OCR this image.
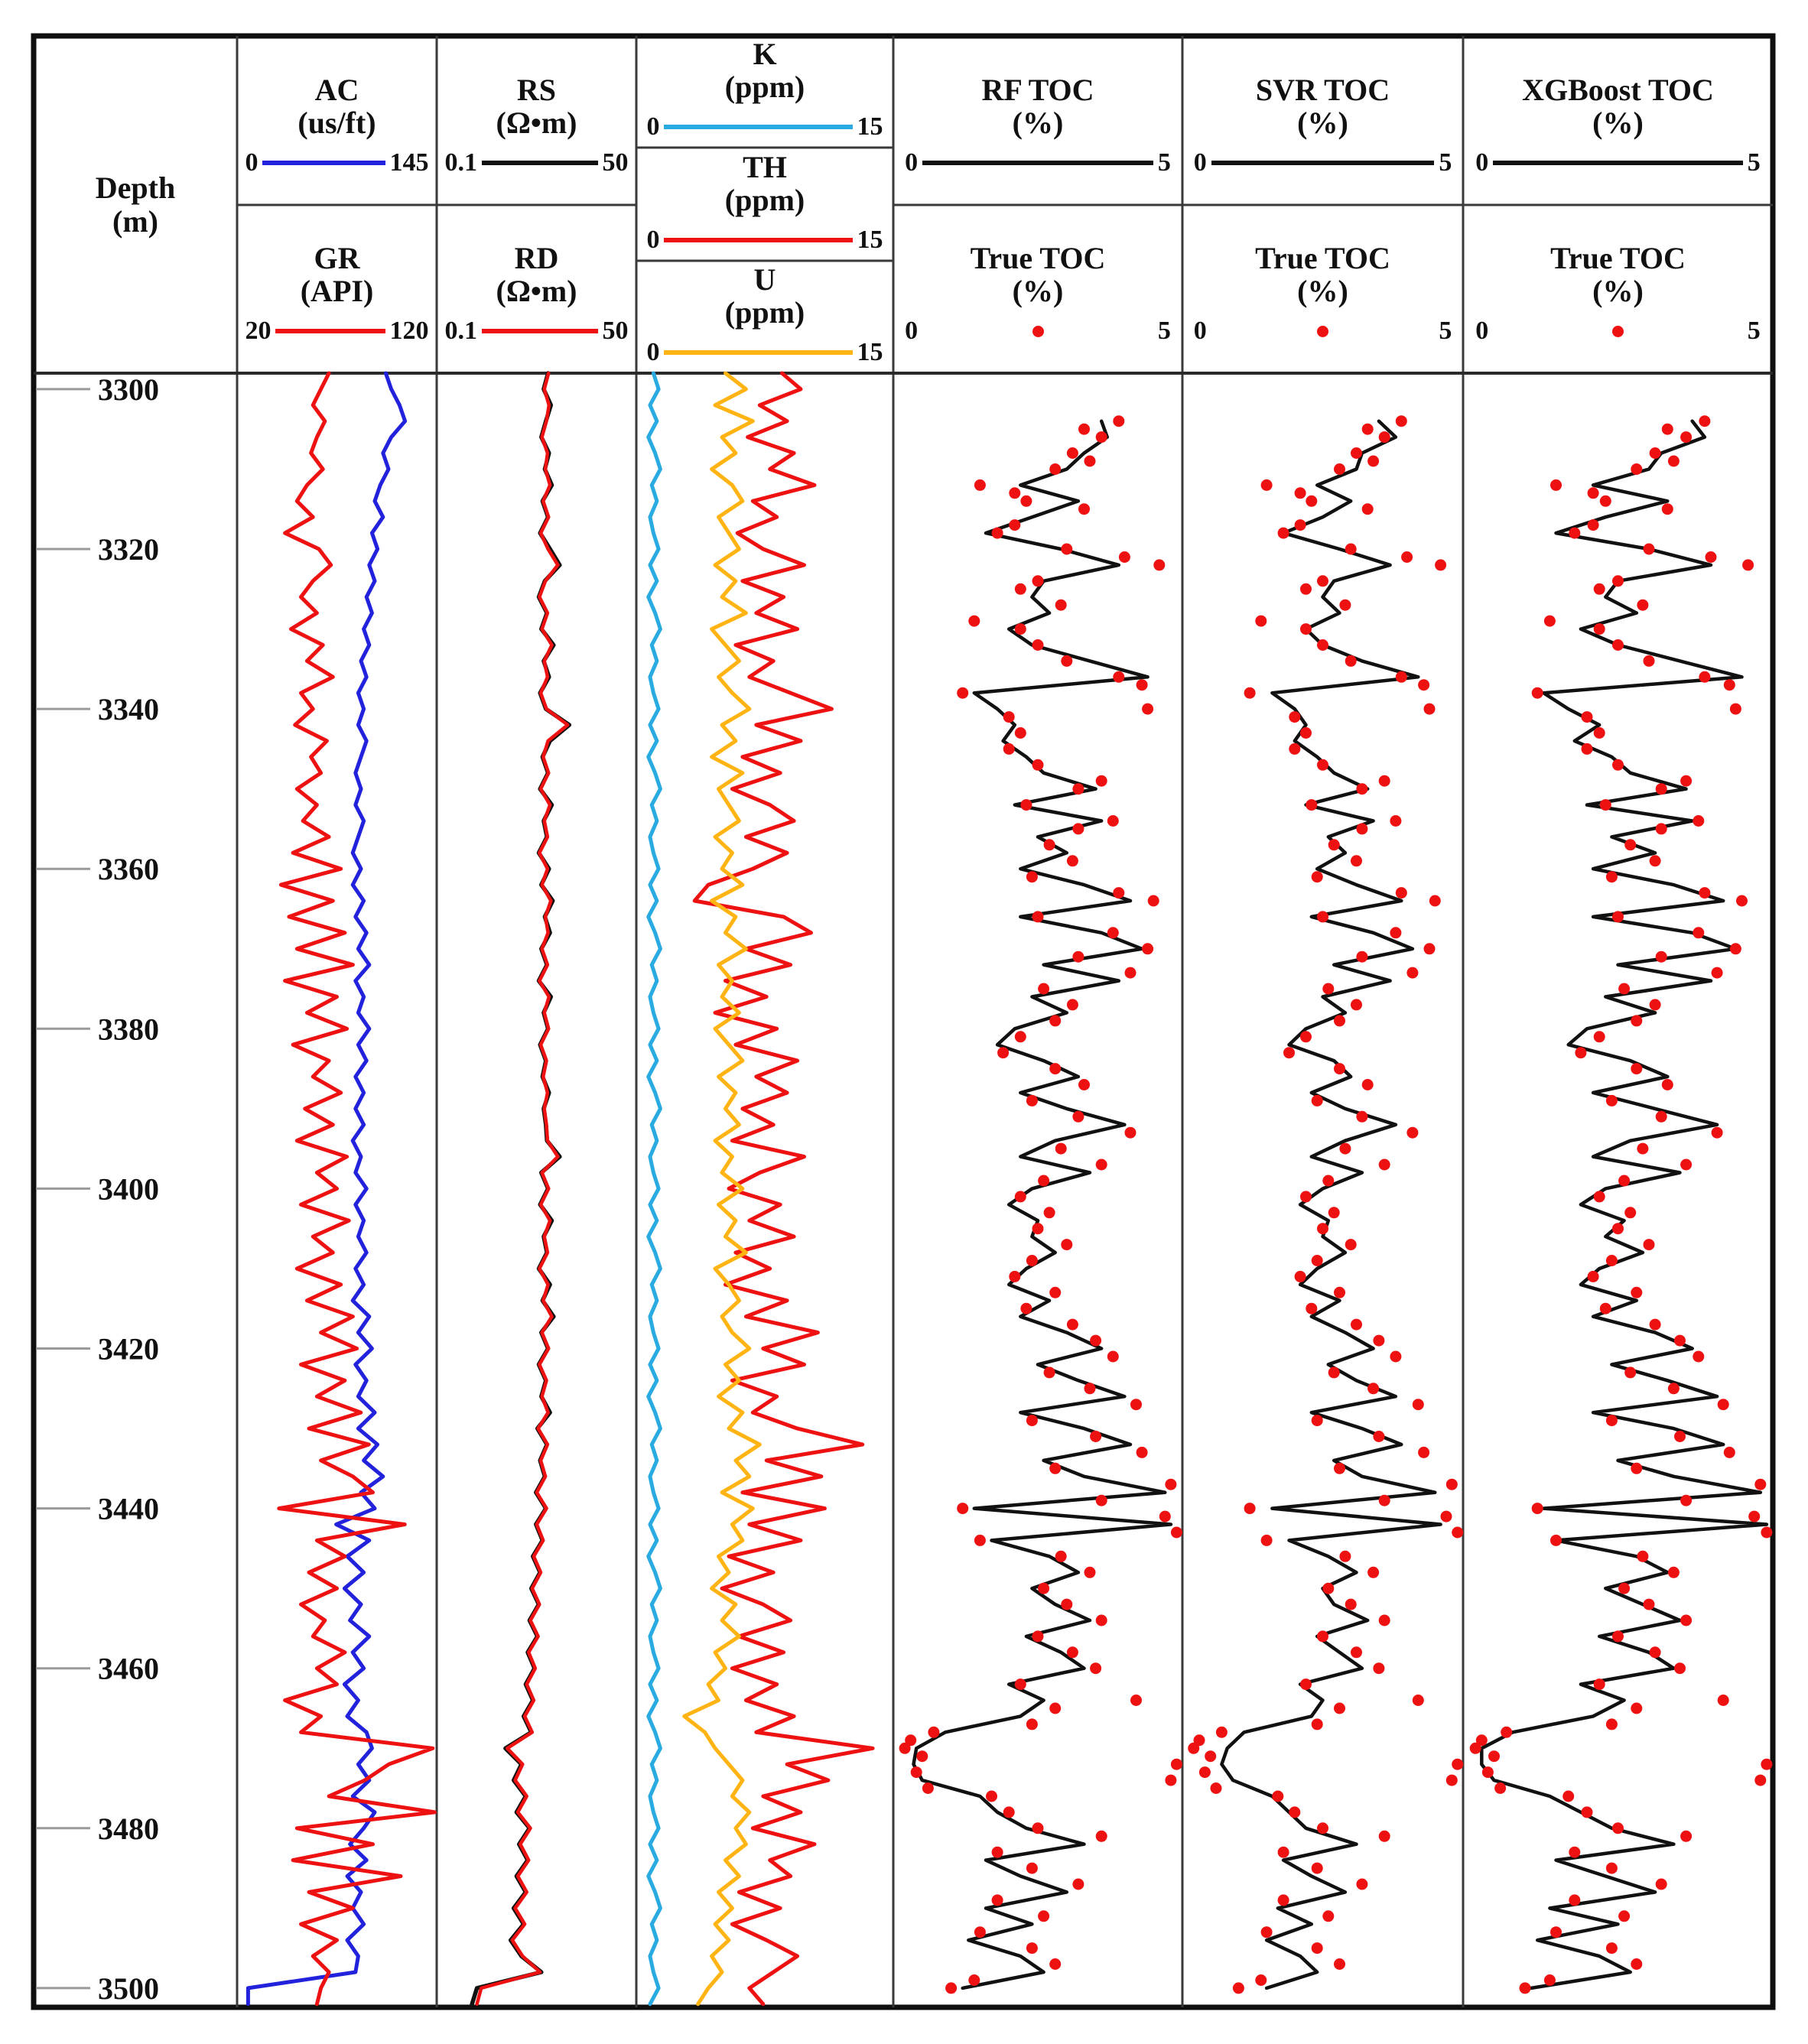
3300
3320
3340
3360
3380
3400
3420
3440
3460
3480
3500
Depth
(m)
AC
(us/ft)
0	145
GR
(API)
20	120
RS
(Ω•m)
0.1	50
RD
(Ω•m)
0.1	50
K
(ppm)
0	15
TH
(ppm)
0	15
U
(ppm)
0	15
RF TOC
(%)
0	5
True TOC
(%)
0	5
SVR TOC
(%)
0	5
True TOC
(%)
0	5
XGBoost TOC
(%)
0	5
True TOC
(%)
0	5
